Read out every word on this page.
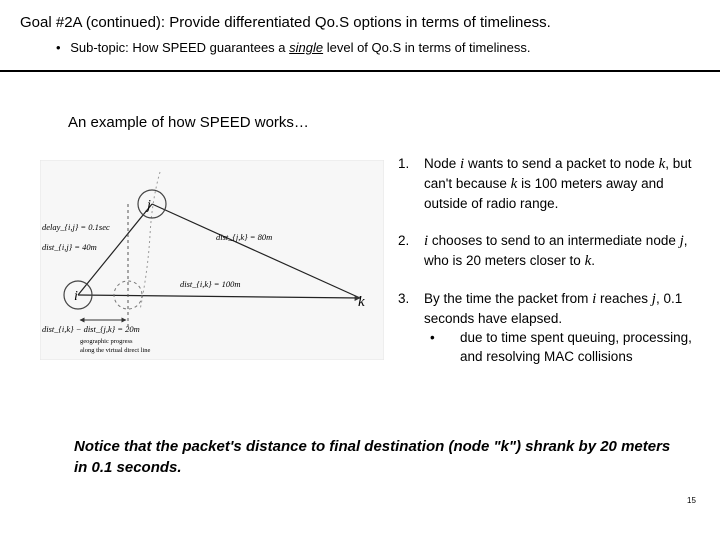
Goal #2A (continued): Provide differentiated Qo.S options in terms of timeliness.
• Sub-topic: How SPEED guarantees a single level of Qo.S in terms of timeliness.
An example of how SPEED works…
j
i	k
delay_{i,j} = 0.1sec
dist_{i,j} = 40m
dist_{j,k} = 80m
dist_{i,k} = 100m
dist_{i,k} − dist_{j,k} = 20m
geographic progress
along the virtual direct line
1. Node i wants to send a packet to node k, but can't because k is 100 meters away and outside of radio range.
2. i chooses to send to an intermediate node j, who is 20 meters closer to k.
3. By the time the packet from i reaches j, 0.1 seconds have elapsed.
• due to time spent queuing, processing, and resolving MAC collisions
Notice that the packet's distance to final destination (node "k") shrank by 20 meters in 0.1 seconds.
15
